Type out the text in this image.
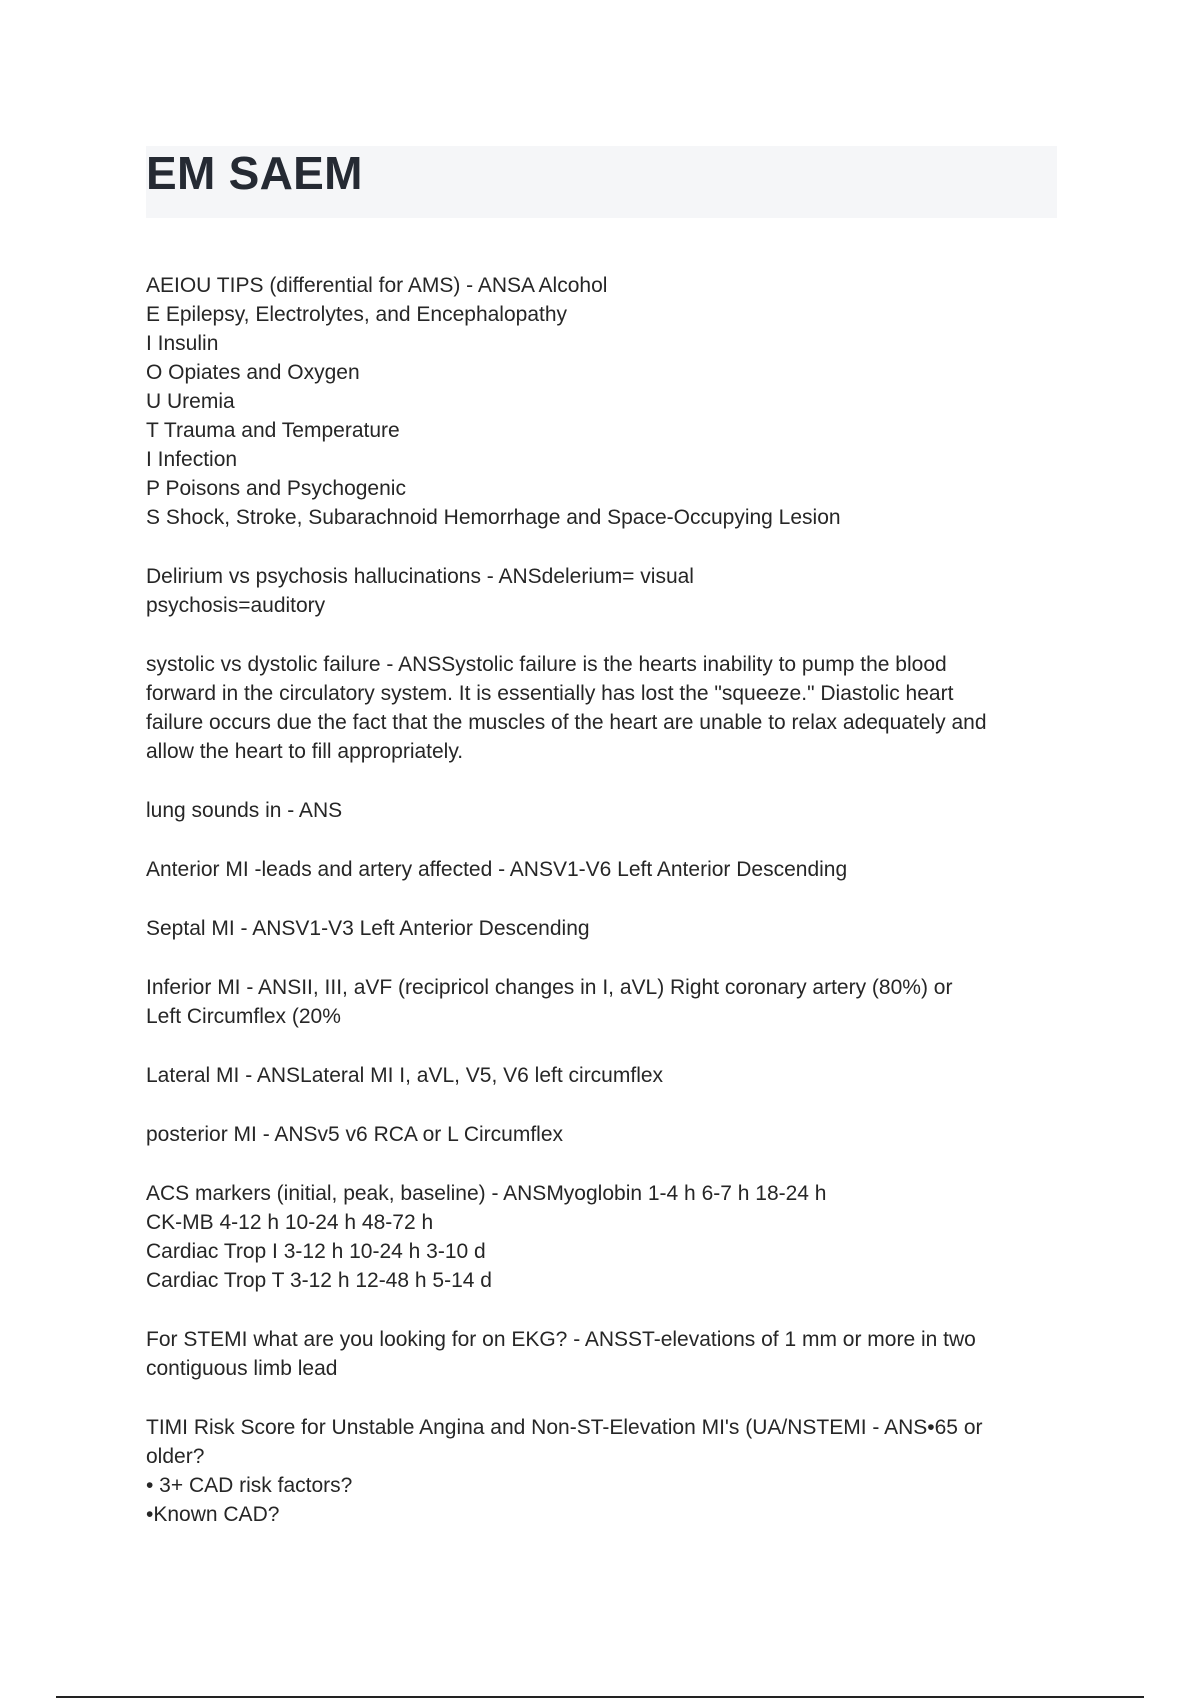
EM SAEM
AEIOU TIPS (differential for AMS) - ANSA Alcohol
E Epilepsy, Electrolytes, and Encephalopathy
I Insulin
O Opiates and Oxygen
U Uremia
T Trauma and Temperature
I Infection
P Poisons and Psychogenic
S Shock, Stroke, Subarachnoid Hemorrhage and Space-Occupying Lesion
Delirium vs psychosis hallucinations - ANSdelerium= visual
psychosis=auditory
systolic vs dystolic failure - ANSSystolic failure is the hearts inability to pump the blood
forward in the circulatory system. It is essentially has lost the "squeeze." Diastolic heart
failure occurs due the fact that the muscles of the heart are unable to relax adequately and
allow the heart to fill appropriately.
lung sounds in - ANS
Anterior MI -leads and artery affected - ANSV1-V6 Left Anterior Descending
Septal MI - ANSV1-V3 Left Anterior Descending
Inferior MI - ANSII, III, aVF (recipricol changes in I, aVL) Right coronary artery (80%) or
Left Circumflex (20%
Lateral MI - ANSLateral MI I, aVL, V5, V6 left circumflex
posterior MI - ANSv5 v6 RCA or L Circumflex
ACS markers (initial, peak, baseline) - ANSMyoglobin 1-4 h 6-7 h 18-24 h
CK-MB 4-12 h 10-24 h 48-72 h
Cardiac Trop I 3-12 h 10-24 h 3-10 d
Cardiac Trop T 3-12 h 12-48 h 5-14 d
For STEMI what are you looking for on EKG? - ANSST-elevations of 1 mm or more in two
contiguous limb lead
TIMI Risk Score for Unstable Angina and Non-ST-Elevation MI's (UA/NSTEMI - ANS•65 or
older?
• 3+ CAD risk factors?
•Known CAD?
